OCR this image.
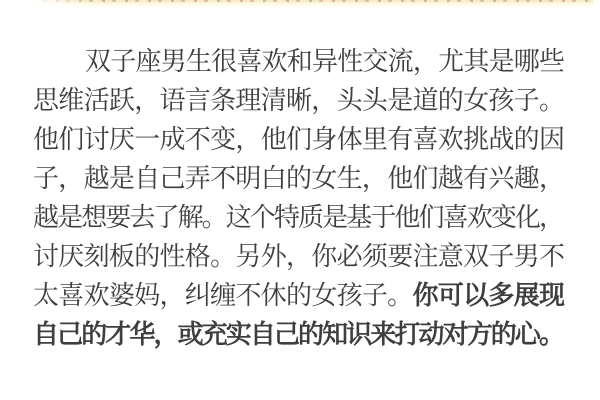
双子座男生很喜欢和异性交流，尤其是哪些
思维活跃，语言条理清晰，头头是道的女孩子。
他们讨厌一成不变，他们身体里有喜欢挑战的因
子，越是自己弄不明白的女生，他们越有兴趣，
越是想要去了解。这个特质是基于他们喜欢变化，
讨厌刻板的性格。另外，你必须要注意双子男不
太喜欢婆妈，纠缠不休的女孩子。你可以多展现
自己的才华，或充实自己的知识来打动对方的心。
